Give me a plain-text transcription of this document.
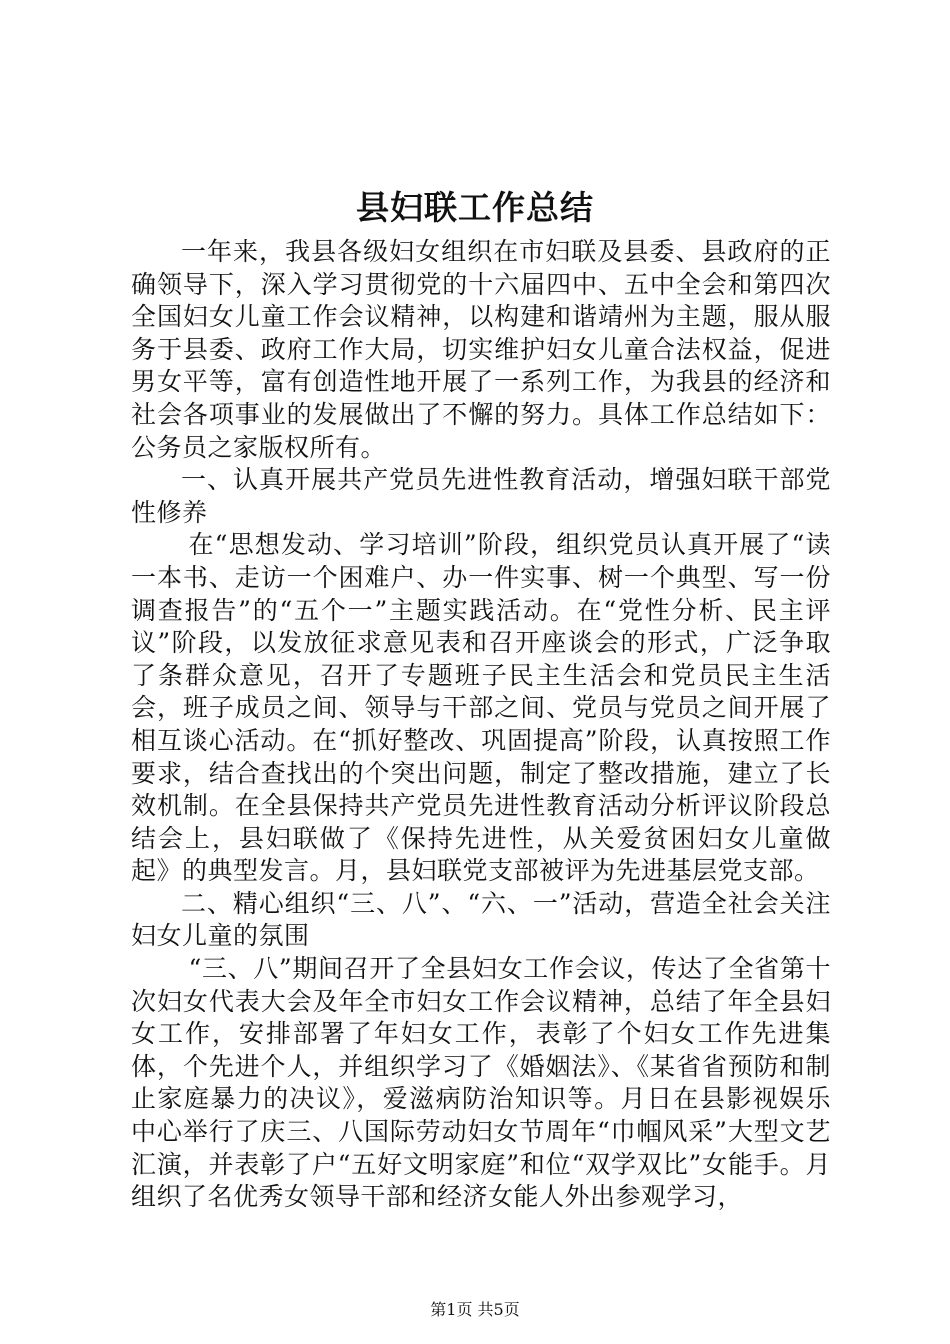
县妇联工作总结

一年来，我县各级妇女组织在市妇联及县委、县政府的正确领导下，深入学习贯彻党的十六届四中、五中全会和第四次全国妇女儿童工作会议精神，以构建和谐靖州为主题，服从服务于县委、政府工作大局，切实维护妇女儿童合法权益，促进男女平等，富有创造性地开展了一系列工作，为我县的经济和社会各项事业的发展做出了不懈的努力。具体工作总结如下：公务员之家版权所有。

一、认真开展共产党员先进性教育活动，增强妇联干部党性修养

在“思想发动、学习培训”阶段，组织党员认真开展了“读一本书、走访一个困难户、办一件实事、树一个典型、写一份调查报告”的“五个一”主题实践活动。在“党性分析、民主评议”阶段，以发放征求意见表和召开座谈会的形式，广泛争取了条群众意见，召开了专题班子民主生活会和党员民主生活会，班子成员之间、领导与干部之间、党员与党员之间开展了相互谈心活动。在“抓好整改、巩固提高”阶段，认真按照工作要求，结合查找出的个突出问题，制定了整改措施，建立了长效机制。在全县保持共产党员先进性教育活动分析评议阶段总结会上，县妇联做了《保持先进性，从关爱贫困妇女儿童做起》的典型发言。月，县妇联党支部被评为先进基层党支部。

二、精心组织“三、八”、“六、一”活动，营造全社会关注妇女儿童的氛围

“三、八”期间召开了全县妇女工作会议，传达了全省第十次妇女代表大会及年全市妇女工作会议精神，总结了年全县妇女工作，安排部署了年妇女工作，表彰了个妇女工作先进集体，个先进个人，并组织学习了《婚姻法》、《某省省预防和制止家庭暴力的决议》，爱滋病防治知识等。月日在县影视娱乐中心举行了庆三、八国际劳动妇女节周年“巾帼风采”大型文艺汇演，并表彰了户“五好文明家庭”和位“双学双比”女能手。月组织了名优秀女领导干部和经济女能人外出参观学习，

第1页 共5页
